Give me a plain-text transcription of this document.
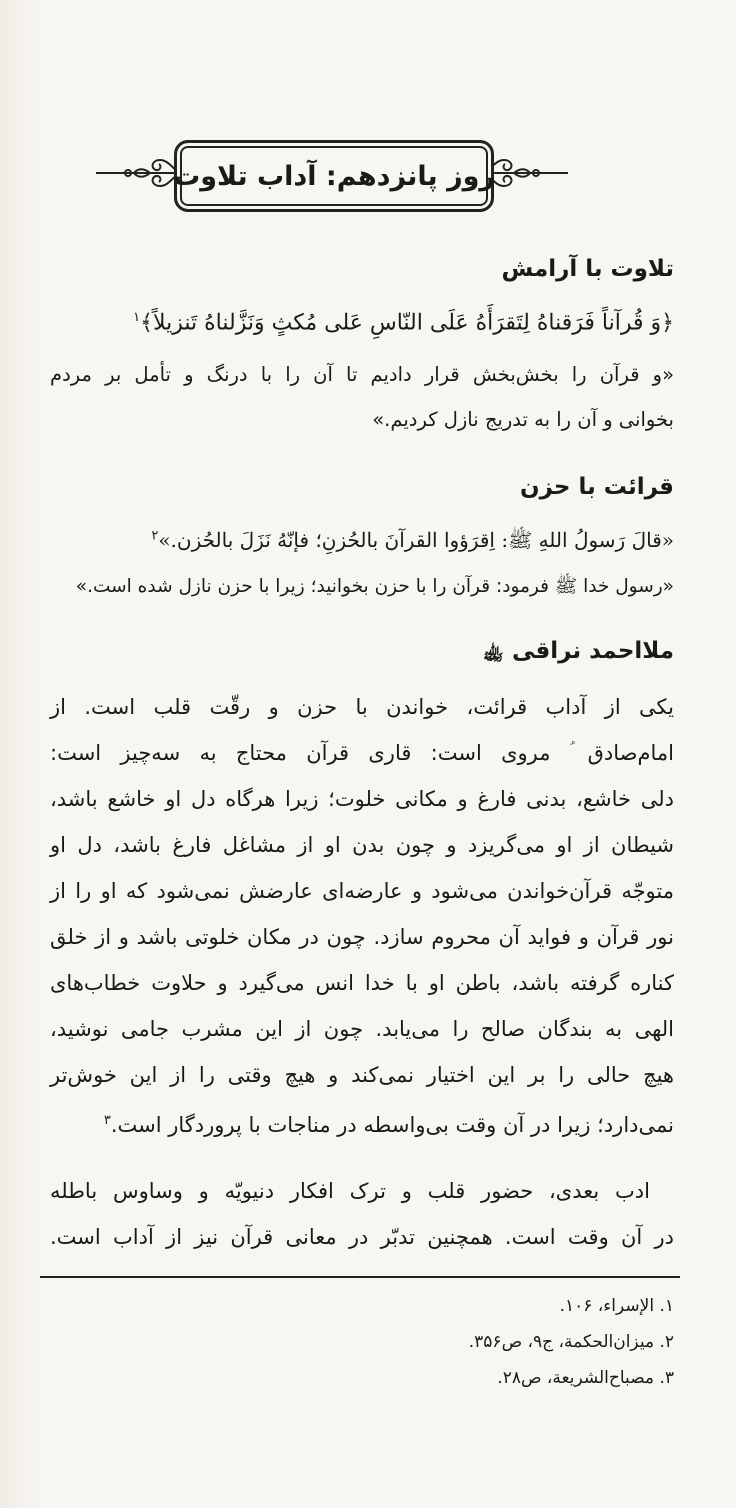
روز پانزدهم: آداب تلاوت
تلاوت با آرامش
﴿وَ قُرآناً فَرَقناهُ لِتَقرَأَهُ عَلَی النّاسِ عَلی مُکثٍ وَنَزَّلناهُ تَنزیلاً﴾$^۱$
«و قرآن را بخش‌بخش قرار دادیم تا آن را با درنگ و تأمل بر مردم
بخوانی و آن را به تدریج نازل کردیم.»
قرائت با حزن
«قالَ رَسولُ اللهِ ﷺ: اِقرَؤوا القرآنَ بالحُزنِ؛ فإنّهُ نَزَلَ بالحُزن.»$^۲$
«رسول خدا ﷺ فرمود: قرآن را با حزن بخوانید؛ زیرا با حزن نازل شده است.»
ملااحمد نراقی ﵀
یکی از آداب قرائت، خواندن با حزن و رقّت قلب است. از
امام‌صادق ؑ مروی است: قاری قرآن محتاج به سه‌چیز است:
دلی خاشع، بدنی فارغ و مکانی خلوت؛ زیرا هرگاه دل او خاشع باشد،
شیطان از او می‌گریزد و چون بدن او از مشاغل فارغ باشد، دل او
متوجّه قرآن‌خواندن می‌شود و عارضه‌ای عارضش نمی‌شود که او را از
نور قرآن و فواید آن محروم سازد. چون در مکان خلوتی باشد و از خلق
کناره گرفته باشد، باطن او با خدا انس می‌گیرد و حلاوت خطاب‌های
الهی به بندگان صالح را می‌یابد. چون از این مشرب جامی نوشید،
هیچ حالی را بر این اختیار نمی‌کند و هیچ وقتی را از این خوش‌تر
نمی‌دارد؛ زیرا در آن وقت بی‌واسطه در مناجات با پروردگار است.$^۳$
ادب بعدی، حضور قلب و ترک افکار دنیویّه و وساوس باطله
در آن وقت است. همچنین تدبّر در معانی قرآن نیز از آداب است.
۱. الإسراء، ۱۰۶.
۲. میزان‌الحکمة، ج۹، ص۳۵۶.
۳. مصباح‌الشریعة، ص۲۸.
